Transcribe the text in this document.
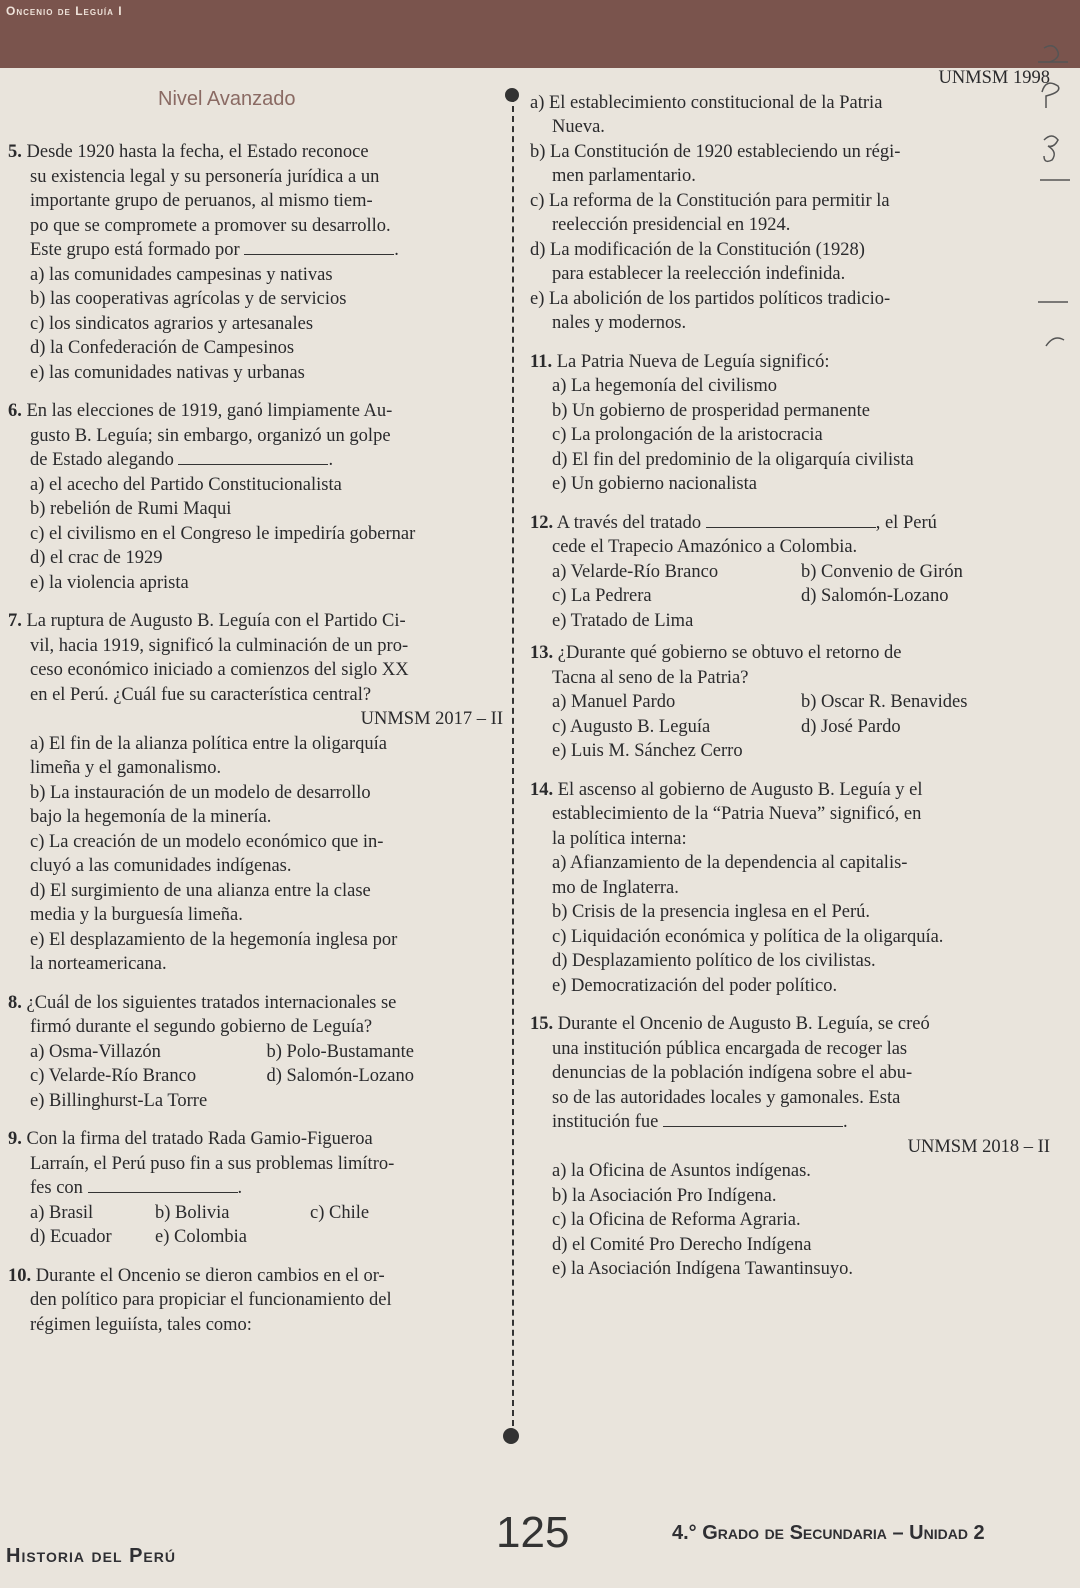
Oncenio de Leguía I
Nivel Avanzado

5. Desde 1920 hasta la fecha, el Estado reconoce

su existencia legal y su personería jurídica a un

importante grupo de peruanos, al mismo tiem-

po que se compromete a promover su desarrollo.

Este grupo está formado por	.

a) las comunidades campesinas y nativas

b) las cooperativas agrícolas y de servicios

c) los sindicatos agrarios y artesanales

d) la Confederación de Campesinos

e) las comunidades nativas y urbanas

6. En las elecciones de 1919, ganó limpiamente Au-

gusto B. Leguía; sin embargo, organizó un golpe

de Estado alegando	.

a) el acecho del Partido Constitucionalista

b) rebelión de Rumi Maqui

c) el civilismo en el Congreso le impediría gobernar

d) el crac de 1929

e) la violencia aprista

7. La ruptura de Augusto B. Leguía con el Partido Ci-

vil, hacia 1919, significó la culminación de un pro-

ceso económico iniciado a comienzos del siglo XX

en el Perú. ¿Cuál fue su característica central?

UNMSM 2017 – II

a) El fin de la alianza política entre la oligarquía

limeña y el gamonalismo.

b) La instauración de un modelo de desarrollo

bajo la hegemonía de la minería.

c) La creación de un modelo económico que in-

cluyó a las comunidades indígenas.

d) El surgimiento de una alianza entre la clase

media y la burguesía limeña.

e) El desplazamiento de la hegemonía inglesa por

la norteamericana.

8. ¿Cuál de los siguientes tratados internacionales se

firmó durante el segundo gobierno de Leguía?

a) Osma-Villazón	b) Polo-Bustamante

c) Velarde-Río Branco	d) Salomón-Lozano

e) Billinghurst-La Torre

9. Con la firma del tratado Rada Gamio-Figueroa

Larraín, el Perú puso fin a sus problemas limítro-

fes con	.

a) Brasil	b) Bolivia	c) Chile

d) Ecuador	e) Colombia

10. Durante el Oncenio se dieron cambios en el or-

den político para propiciar el funcionamiento del

régimen leguiísta, tales como:

UNMSM 1998

a) El establecimiento constitucional de la Patria

Nueva.

b) La Constitución de 1920 estableciendo un régi-

men parlamentario.

c) La reforma de la Constitución para permitir la

reelección presidencial en 1924.

d) La modificación de la Constitución (1928)

para establecer la reelección indefinida.

e) La abolición de los partidos políticos tradicio-

nales y modernos.

11. La Patria Nueva de Leguía significó:

a) La hegemonía del civilismo

b) Un gobierno de prosperidad permanente

c) La prolongación de la aristocracia

d) El fin del predominio de la oligarquía civilista

e) Un gobierno nacionalista

12. A través del tratado	, el Perú

cede el Trapecio Amazónico a Colombia.

a) Velarde-Río Branco	b) Convenio de Girón

c) La Pedrera	d) Salomón-Lozano

e) Tratado de Lima

13. ¿Durante qué gobierno se obtuvo el retorno de

Tacna al seno de la Patria?

a) Manuel Pardo	b) Oscar R. Benavides

c) Augusto B. Leguía	d) José Pardo

e) Luis M. Sánchez Cerro

14. El ascenso al gobierno de Augusto B. Leguía y el

establecimiento de la “Patria Nueva” significó, en

la política interna:

a) Afianzamiento de la dependencia al capitalis-

mo de Inglaterra.

b) Crisis de la presencia inglesa en el Perú.

c) Liquidación económica y política de la oligarquía.

d) Desplazamiento político de los civilistas.

e) Democratización del poder político.

15. Durante el Oncenio de Augusto B. Leguía, se creó

una institución pública encargada de recoger las

denuncias de la población indígena sobre el abu-

so de las autoridades locales y gamonales. Esta

institución fue	.

UNMSM 2018 – II

a) la Oficina de Asuntos indígenas.

b) la Asociación Pro Indígena.

c) la Oficina de Reforma Agraria.

d) el Comité Pro Derecho Indígena

e) la Asociación Indígena Tawantinsuyo.

Historia del Perú	125	4.° Grado de Secundaria – Unidad 2
